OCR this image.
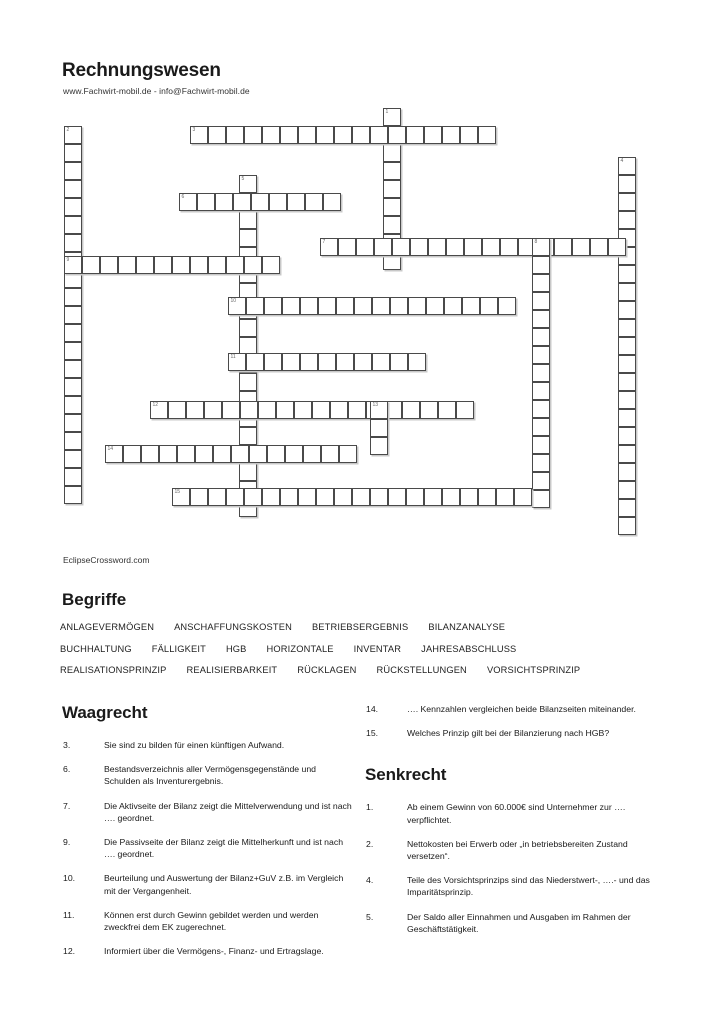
Rechnungswesen
www.Fachwirt-mobil.de - info@Fachwirt-mobil.de
1
2	3
4
5
6
7	8
9
10
11
12	13
14
15
EclipseCrossword.com
Begriffe
ANLAGEVERMÖGEN ANSCHAFFUNGSKOSTEN BETRIEBSERGEBNIS BILANZANALYSE
BUCHHALTUNG FÄLLIGKEIT HGB HORIZONTALE INVENTAR JAHRESABSCHLUSS
REALISATIONSPRINZIP REALISIERBARKEIT RÜCKLAGEN RÜCKSTELLUNGEN VORSICHTSPRINZIP
Waagrecht
3.	Sie sind zu bilden für einen künftigen Aufwand.
6.	Bestandsverzeichnis aller Vermögensgegenstände und Schulden als Inventurergebnis.
7.	Die Aktivseite der Bilanz zeigt die Mittelverwendung und ist nach …. geordnet.
9.	Die Passivseite der Bilanz zeigt die Mittelherkunft und ist nach …. geordnet.
10.	Beurteilung und Auswertung der Bilanz+GuV z.B. im Vergleich mit der Vergangenheit.
11.	Können erst durch Gewinn gebildet werden und werden zweckfrei dem EK zugerechnet.
12.	Informiert über die Vermögens-, Finanz- und Ertragslage.
14.	…. Kennzahlen vergleichen beide Bilanzseiten miteinander.
15.	Welches Prinzip gilt bei der Bilanzierung nach HGB?
Senkrecht
1.	Ab einem Gewinn von 60.000€ sind Unternehmer zur …. verpflichtet.
2.	Nettokosten bei Erwerb oder „in betriebsbereiten Zustand versetzen“.
4.	Teile des Vorsichtsprinzips sind das Niederstwert-, ….- und das Imparitätsprinzip.
5.	Der Saldo aller Einnahmen und Ausgaben im Rahmen der Geschäftstätigkeit.
